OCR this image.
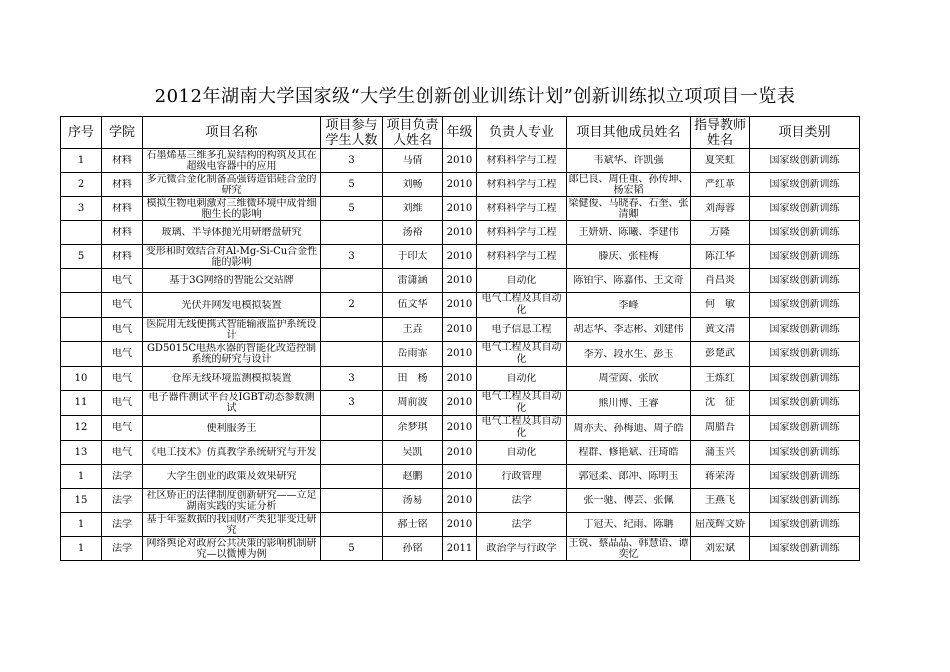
2012年湖南大学国家级“大学生创新创业训练计划”创新训练拟立项项目一览表
序号	学院	项目名称	项目参与学生人数	项目负责人姓名	年级	负责人专业	项目其他成员姓名	指导教师姓名	项目类别

1	材料	石墨烯基三维多孔炭结构的构筑及其在超级电容器中的应用	3	马倩	2010	材料科学与工程	韦斌华、许凯强	夏笑虹	国家级创新训练

2	材料	多元微合金化制备高强铸造铝硅合金的研究	5	刘畅	2010	材料科学与工程	郎巳良、周任重、孙传坤、杨宏韬	严红革	国家级创新训练

3	材料	模拟生物电刺激对三维微环境中成骨细胞生长的影响	5	刘维	2010	材料科学与工程	梁健俊、马晓春、石奎、张清卿	刘海蓉	国家级创新训练

	材料	玻璃、半导体抛光用研磨盘研究		汤裕	2010	材料科学与工程	王妍妍、陈曦、李建伟	万隆	国家级创新训练

5	材料	变形和时效结合对Al-Mg-Si-Cu合金性能的影响	3	于印太	2010	材料科学与工程	滕庆、张桂梅	陈江华	国家级创新训练

	电气	基于3G网络的智能公交站牌		雷潇涵	2010	自动化	陈铂宇、陈嘉伟、王文奇	肖昌炎	国家级创新训练

	电气	光伏并网发电模拟装置	2	伍文华	2010	电气工程及其自动化	李峰	何　敏	国家级创新训练

	电气	医院用无线便携式智能输液监护系统设计		王垚	2010	电子信息工程	胡志华、李志彬、刘建伟	黄文清	国家级创新训练

	电气	GD5015C电热水器的智能化改造控制系统的研究与设计		岳雨霏	2010	电气工程及其自动化	李芳、段水生、彭玉	彭楚武	国家级创新训练

10	电气	仓库无线环境监测模拟装置	3	田　杨	2010	自动化	周莹茵、张欣	王炼红	国家级创新训练

11	电气	电子器件测试平台及IGBT动态参数测试	3	周前波	2010	电气工程及其自动化	熊川博、王睿	沈　征	国家级创新训练

12	电气	便利服务王		余梦琪	2010	电气工程及其自动化	周亦夫、孙梅迪、周子皓	周腊吾	国家级创新训练

13	电气	《电工技术》仿真教学系统研究与开发		吴凯	2010	自动化	程群、修艳斌、汪琦皓	蒲玉兴	国家级创新训练

1	法学	大学生创业的政策及效果研究		赵鹏	2010	行政管理	郭冠柔、郎冲、陈明玉	蒋荣涛	国家级创新训练

15	法学	社区矫正的法律制度创新研究——立足湖南实践的实证分析		汤易	2010	法学	张一驰、傅芸、张佩	王燕飞	国家级创新训练

1	法学	基于年鉴数据的我国财产类犯罪变迁研究		郝士铭	2010	法学	丁冠天、纪雨、陈聃	屈茂辉文娇	国家级创新训练

1	法学	网络舆论对政府公共决策的影响机制研究—以微博为例	5	孙铭	2011	政治学与行政学	王锐、蔡晶晶、韩慧语、谭奕忆	刘宏斌	国家级创新训练
